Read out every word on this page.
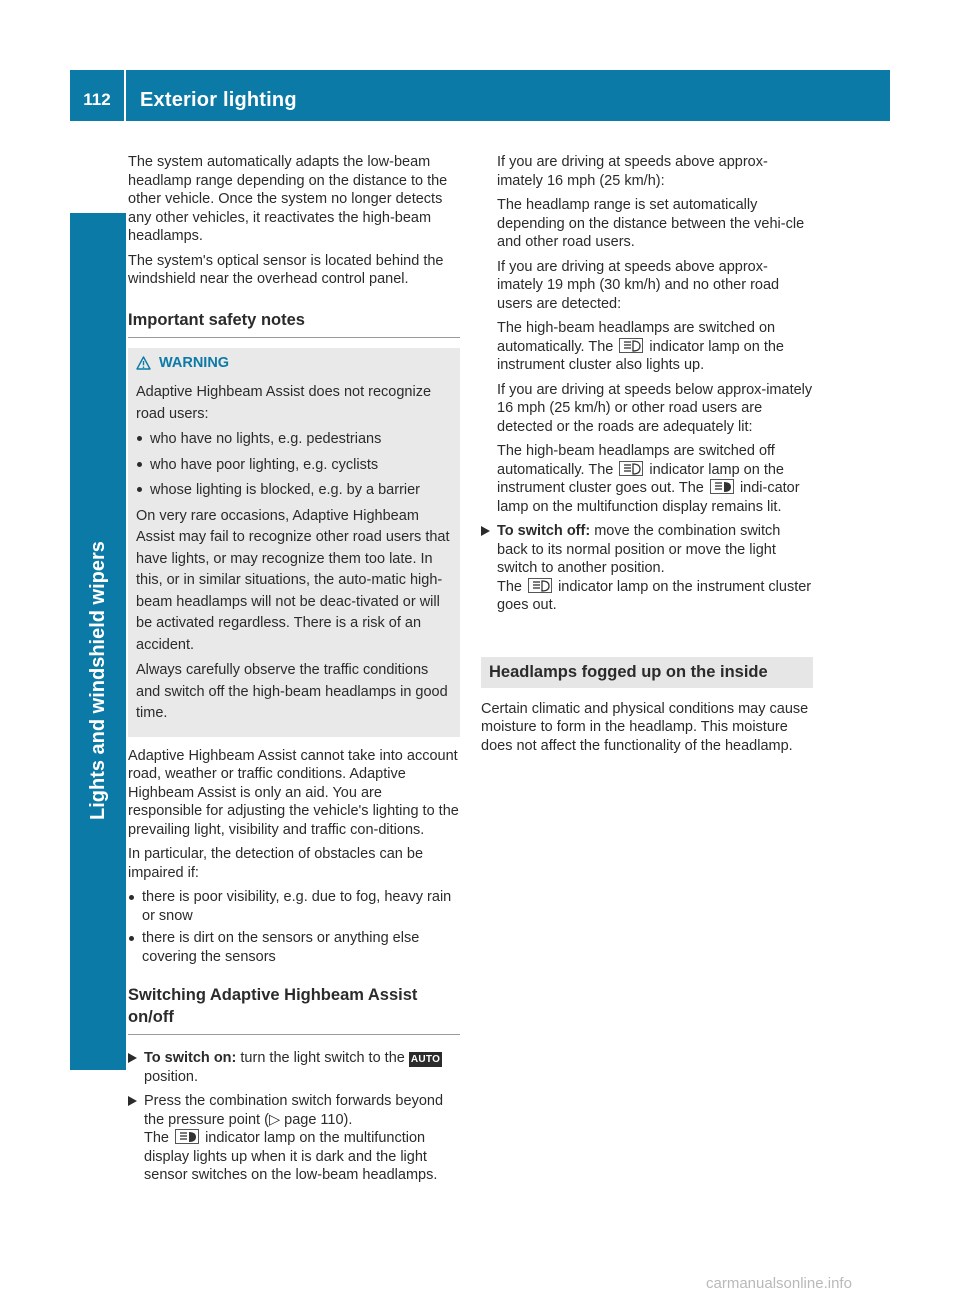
112	Exterior lighting
Lights and windshield wipers

The system automatically adapts the low-beam headlamp range depending on the distance to the other vehicle. Once the system no longer detects any other vehicles, it reactivates the high-beam headlamps.

The system's optical sensor is located behind the windshield near the overhead control panel.

Important safety notes
WARNING

Adaptive Highbeam Assist does not recognize road users:

who have no lights, e.g. pedestrians
who have poor lighting, e.g. cyclists
whose lighting is blocked, e.g. by a barrier

On very rare occasions, Adaptive Highbeam Assist may fail to recognize other road users that have lights, or may recognize them too late. In this, or in similar situations, the auto-matic high-beam headlamps will not be deac-tivated or will be activated regardless. There is a risk of an accident.

Always carefully observe the traffic conditions and switch off the high-beam headlamps in good time.

Adaptive Highbeam Assist cannot take into account road, weather or traffic conditions. Adaptive Highbeam Assist is only an aid. You are responsible for adjusting the vehicle's lighting to the prevailing light, visibility and traffic con-ditions.

In particular, the detection of obstacles can be impaired if:

there is poor visibility, e.g. due to fog, heavy rain or snow
there is dirt on the sensors or anything else covering the sensors
Switching Adaptive Highbeam Assist on/off
To switch on: turn the light switch to the AUTO position.
Press the combination switch forwards beyond the pressure point (▷ page 110).
The indicator lamp on the multifunction display lights up when it is dark and the light sensor switches on the low-beam headlamps.

If you are driving at speeds above approx-imately 16 mph (25 km/h):

The headlamp range is set automatically depending on the distance between the vehi-cle and other road users.

If you are driving at speeds above approx-imately 19 mph (30 km/h) and no other road users are detected:

The high-beam headlamps are switched on automatically. The indicator lamp on the instrument cluster also lights up.

If you are driving at speeds below approx-imately 16 mph (25 km/h) or other road users are detected or the roads are adequately lit:

The high-beam headlamps are switched off automatically. The indicator lamp on the instrument cluster goes out. The indi-cator lamp on the multifunction display remains lit.

To switch off: move the combination switch back to its normal position or move the light switch to another position.
The indicator lamp on the instrument cluster goes out.
Headlamps fogged up on the inside

Certain climatic and physical conditions may cause moisture to form in the headlamp. This moisture does not affect the functionality of the headlamp.

carmanualsonline.info
